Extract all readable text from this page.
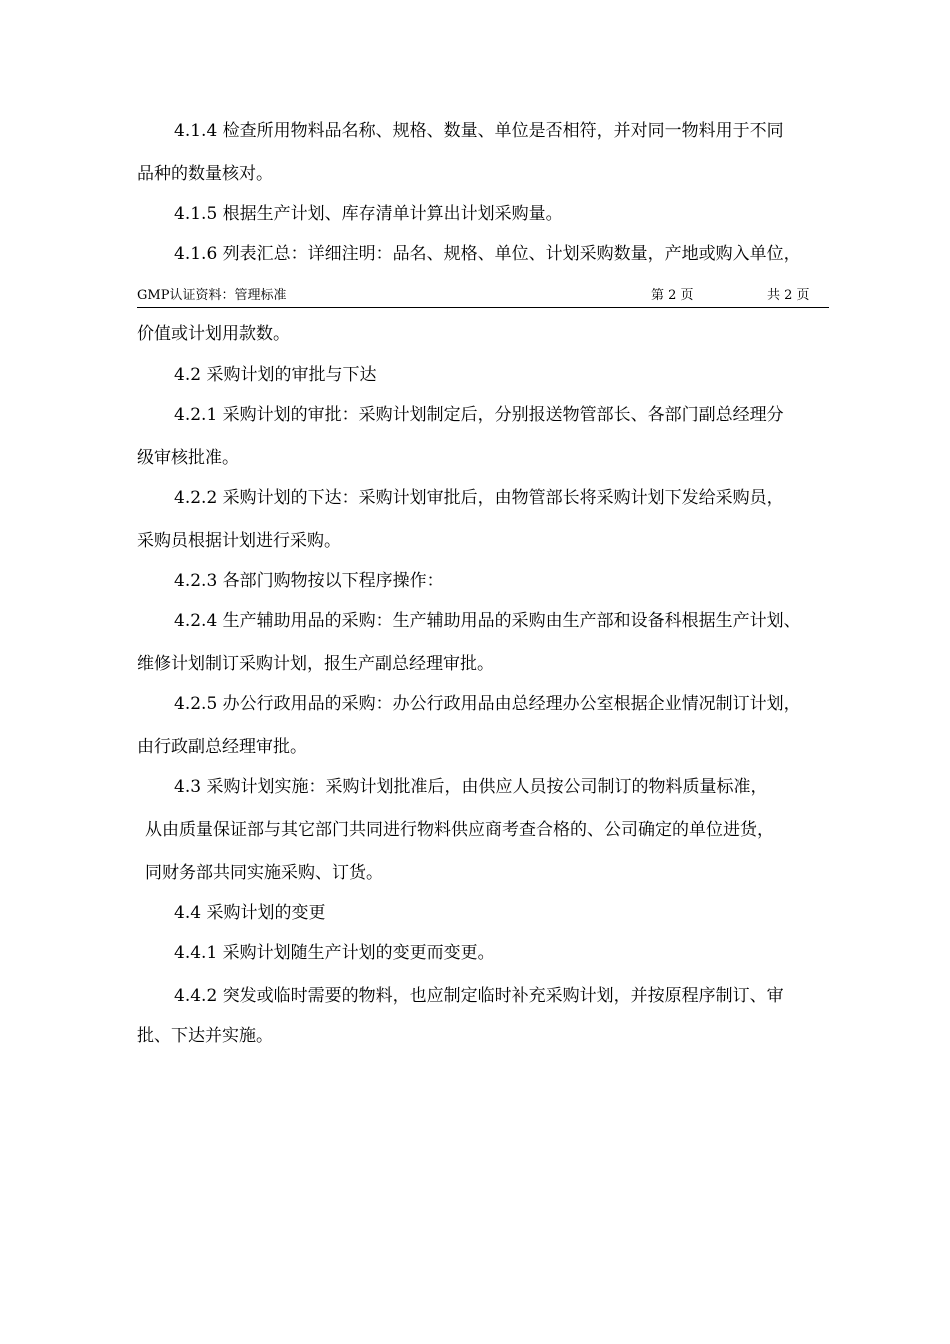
4.1.4 检查所用物料品名称、规格、数量、单位是否相符，并对同一物料用于不同
品种的数量核对。
4.1.5 根据生产计划、库存清单计算出计划采购量。
4.1.6 列表汇总：详细注明：品名、规格、单位、计划采购数量，产地或购入单位，
GMP认证资料：管理标准	第 2 页	共 2 页
价值或计划用款数。
4.2 采购计划的审批与下达
4.2.1 采购计划的审批：采购计划制定后，分别报送物管部长、各部门副总经理分
级审核批准。
4.2.2 采购计划的下达：采购计划审批后，由物管部长将采购计划下发给采购员，
采购员根据计划进行采购。
4.2.3 各部门购物按以下程序操作：
4.2.4 生产辅助用品的采购：生产辅助用品的采购由生产部和设备科根据生产计划、
维修计划制订采购计划，报生产副总经理审批。
4.2.5 办公行政用品的采购：办公行政用品由总经理办公室根据企业情况制订计划，
由行政副总经理审批。
4.3 采购计划实施：采购计划批准后，由供应人员按公司制订的物料质量标准，
从由质量保证部与其它部门共同进行物料供应商考查合格的、公司确定的单位进货，
同财务部共同实施采购、订货。
4.4 采购计划的变更
4.4.1 采购计划随生产计划的变更而变更。
4.4.2 突发或临时需要的物料，也应制定临时补充采购计划，并按原程序制订、审
批、下达并实施。
